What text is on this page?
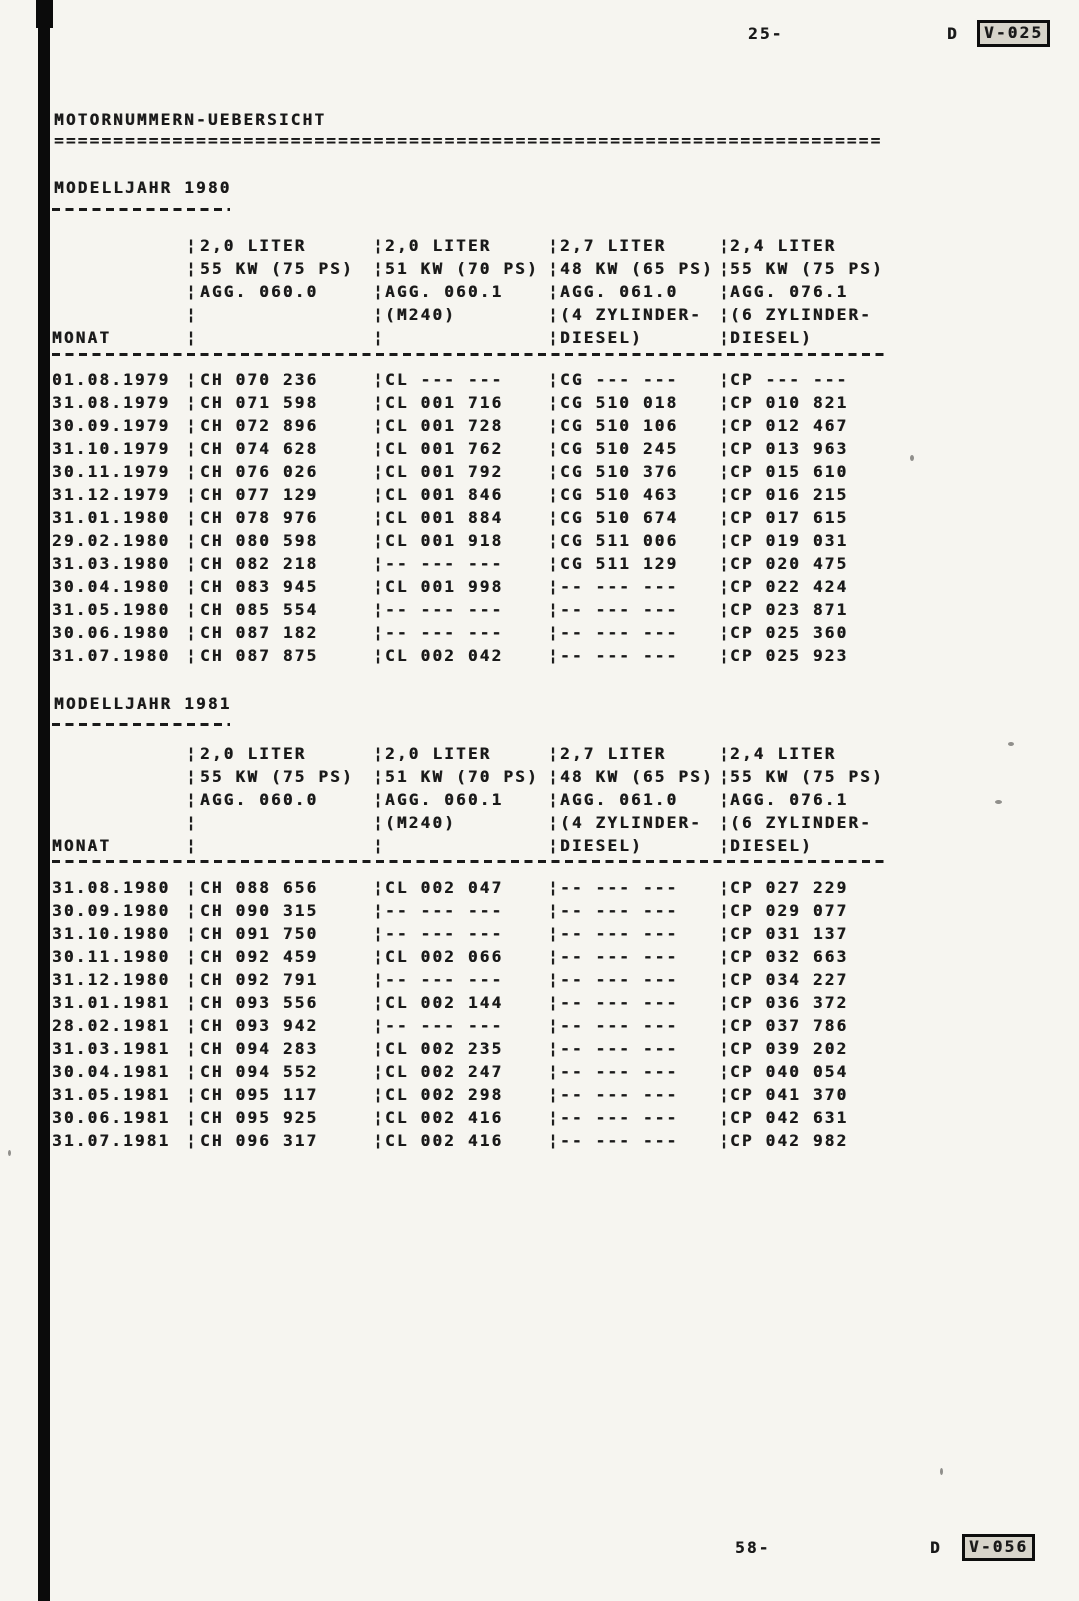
25-	D	V-025
MOTORNUMMERN-UEBERSICHT
======================================================================
MODELLJAHR 1980
¦ 2,0 LITER	¦ 2,0 LITER	¦ 2,7 LITER	¦ 2,4 LITER
¦ 55 KW (75 PS)	¦ 51 KW (70 PS) ¦ 48 KW (65 PS) ¦ 55 KW (75 PS)
¦ AGG. 060.0	¦ AGG. 060.1	¦ AGG. 061.0	¦ AGG. 076.1
¦	¦ (M240)	¦ (4 ZYLINDER-	¦ (6 ZYLINDER-
MONAT	¦	¦	¦ DIESEL)	¦ DIESEL)
01.08.1979 ¦ CH 070 236	¦ CL --- ---	¦ CG --- ---	¦ CP --- ---
31.08.1979 ¦ CH 071 598	¦ CL 001 716	¦ CG 510 018	¦ CP 010 821
30.09.1979 ¦ CH 072 896	¦ CL 001 728	¦ CG 510 106	¦ CP 012 467
31.10.1979 ¦ CH 074 628	¦ CL 001 762	¦ CG 510 245	¦ CP 013 963
30.11.1979 ¦ CH 076 026	¦ CL 001 792	¦ CG 510 376	¦ CP 015 610
31.12.1979 ¦ CH 077 129	¦ CL 001 846	¦ CG 510 463	¦ CP 016 215
31.01.1980 ¦ CH 078 976	¦ CL 001 884	¦ CG 510 674	¦ CP 017 615
29.02.1980 ¦ CH 080 598	¦ CL 001 918	¦ CG 511 006	¦ CP 019 031
31.03.1980 ¦ CH 082 218	¦ -- --- ---	¦ CG 511 129	¦ CP 020 475
30.04.1980 ¦ CH 083 945	¦ CL 001 998	¦ -- --- ---	¦ CP 022 424
31.05.1980 ¦ CH 085 554	¦ -- --- ---	¦ -- --- ---	¦ CP 023 871
30.06.1980 ¦ CH 087 182	¦ -- --- ---	¦ -- --- ---	¦ CP 025 360
31.07.1980 ¦ CH 087 875	¦ CL 002 042	¦ -- --- ---	¦ CP 025 923
MODELLJAHR 1981
¦ 2,0 LITER	¦ 2,0 LITER	¦ 2,7 LITER	¦ 2,4 LITER
¦ 55 KW (75 PS)	¦ 51 KW (70 PS) ¦ 48 KW (65 PS) ¦ 55 KW (75 PS)
¦ AGG. 060.0	¦ AGG. 060.1	¦ AGG. 061.0	¦ AGG. 076.1
¦	¦ (M240)	¦ (4 ZYLINDER-	¦ (6 ZYLINDER-
MONAT	¦	¦	¦ DIESEL)	¦ DIESEL)
31.08.1980 ¦ CH 088 656	¦ CL 002 047	¦ -- --- ---	¦ CP 027 229
30.09.1980 ¦ CH 090 315	¦ -- --- ---	¦ -- --- ---	¦ CP 029 077
31.10.1980 ¦ CH 091 750	¦ -- --- ---	¦ -- --- ---	¦ CP 031 137
30.11.1980 ¦ CH 092 459	¦ CL 002 066	¦ -- --- ---	¦ CP 032 663
31.12.1980 ¦ CH 092 791	¦ -- --- ---	¦ -- --- ---	¦ CP 034 227
31.01.1981 ¦ CH 093 556	¦ CL 002 144	¦ -- --- ---	¦ CP 036 372
28.02.1981 ¦ CH 093 942	¦ -- --- ---	¦ -- --- ---	¦ CP 037 786
31.03.1981 ¦ CH 094 283	¦ CL 002 235	¦ -- --- ---	¦ CP 039 202
30.04.1981 ¦ CH 094 552	¦ CL 002 247	¦ -- --- ---	¦ CP 040 054
31.05.1981 ¦ CH 095 117	¦ CL 002 298	¦ -- --- ---	¦ CP 041 370
30.06.1981 ¦ CH 095 925	¦ CL 002 416	¦ -- --- ---	¦ CP 042 631
31.07.1981 ¦ CH 096 317	¦ CL 002 416	¦ -- --- ---	¦ CP 042 982
58-	D	V-056
